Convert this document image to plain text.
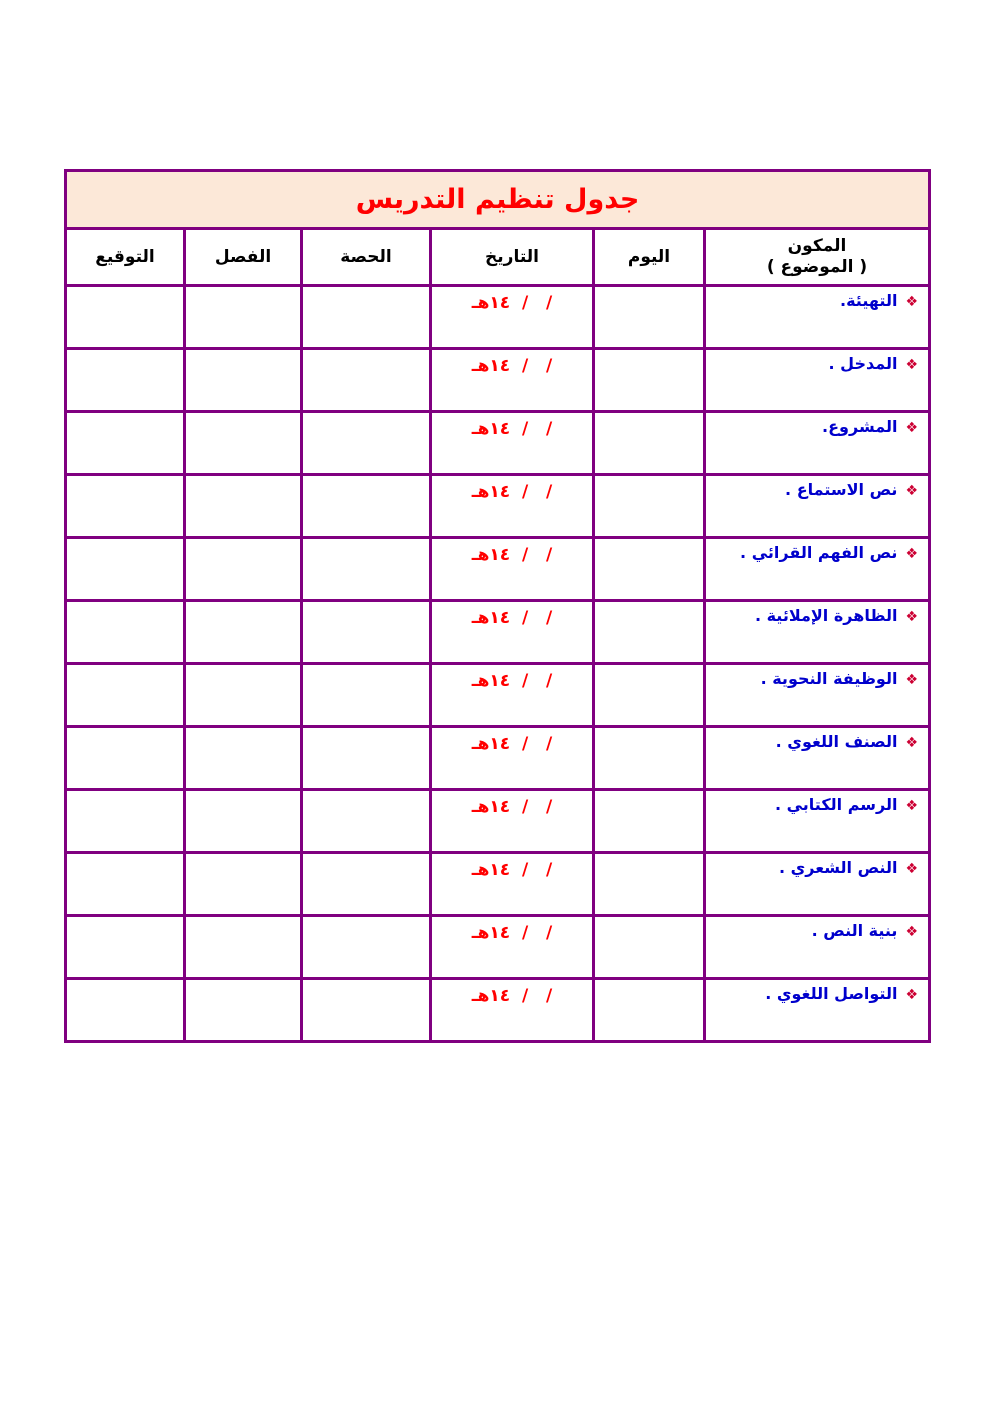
جدول تنظيم التدريس					

المكون
( الموضوع )	اليوم	التاريخ	الحصة	الفصل	التوقيع
❖التهيئة.		/   /  ١٤هـ			
❖المدخل .		/   /  ١٤هـ			
❖المشروع.		/   /  ١٤هـ			
❖نص الاستماع .		/   /  ١٤هـ			
❖نص الفهم القرائي .		/   /  ١٤هـ			
❖الظاهرة الإملائية .		/   /  ١٤هـ			
❖الوظيفة النحوية .		/   /  ١٤هـ			
❖الصنف اللغوي .		/   /  ١٤هـ			
❖الرسم الكتابي .		/   /  ١٤هـ			
❖النص الشعري .		/   /  ١٤هـ			
❖بنية النص .		/   /  ١٤هـ			
❖التواصل اللغوي .		/   /  ١٤هـ			
